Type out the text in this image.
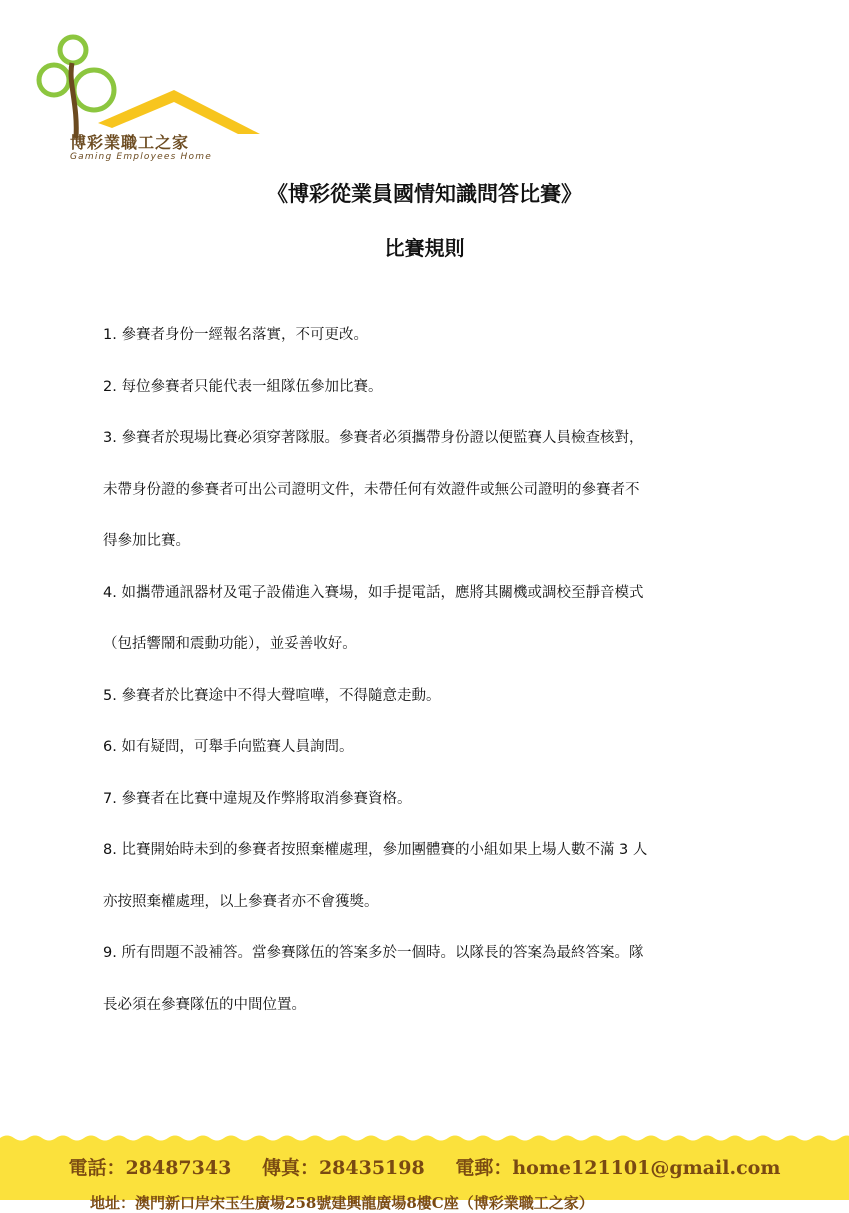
博彩業職工之家
Gaming Employees Home
《博彩從業員國情知識問答比賽》
比賽規則

1. 參賽者身份一經報名落實，不可更改。

2. 每位參賽者只能代表一組隊伍參加比賽。

3. 參賽者於現場比賽必須穿著隊服。參賽者必須攜帶身份證以便監賽人員檢查核對，

未帶身份證的參賽者可出公司證明文件，未帶任何有效證件或無公司證明的參賽者不

得參加比賽。

4. 如攜帶通訊器材及電子設備進入賽場，如手提電話，應將其關機或調校至靜音模式

（包括響鬧和震動功能），並妥善收好。

5. 參賽者於比賽途中不得大聲喧嘩，不得隨意走動。

6. 如有疑問，可舉手向監賽人員詢問。

7. 參賽者在比賽中違規及作弊將取消參賽資格。

8. 比賽開始時未到的參賽者按照棄權處理，參加團體賽的小組如果上場人數不滿 3 人

亦按照棄權處理，以上參賽者亦不會獲獎。

9. 所有問題不設補答。當參賽隊伍的答案多於一個時。以隊長的答案為最終答案。隊

長必須在參賽隊伍的中間位置。

電話：28487343 傳真：28435198 電郵：home121101@gmail.com
地址：澳門新口岸宋玉生廣場258號建興龍廣場8樓C座（博彩業職工之家）
